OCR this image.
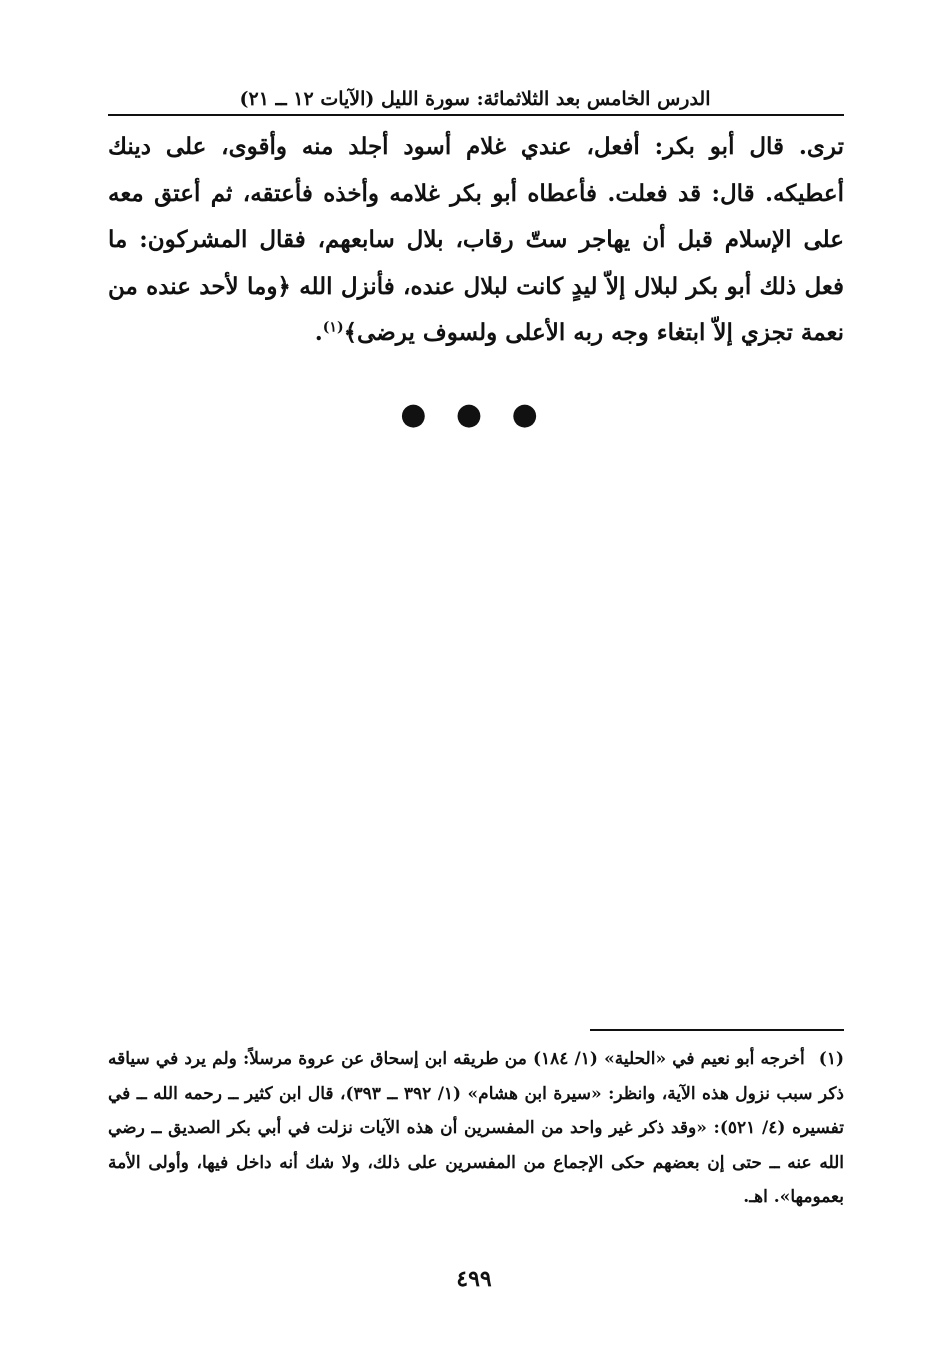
الدرس الخامس بعد الثلاثمائة: سورة الليل (الآيات ١٢ ــ ٢١)
ترى. قال أبو بكر: أفعل، عندي غلام أسود أجلد منه وأقوى، على دينك أعطيكه. قال: قد فعلت. فأعطاه أبو بكر غلامه وأخذه فأعتقه، ثم أعتق معه على الإسلام قبل أن يهاجر ستّ رقاب، بلال سابعهم، فقال المشركون: ما فعل ذلك أبو بكر لبلال إلاّ ليدٍ كانت لبلال عنده، فأنزل الله ﴿وما لأحد عنده من نعمة تجزي إلاّ ابتغاء وجه ربه الأعلى ولسوف يرضى﴾$^{(١)}$.
● ● ●
(١)أخرجه أبو نعيم في «الحلية» (١/ ١٨٤) من طريقه ابن إسحاق عن عروة مرسلاً: ولم يرد في سياقه ذكر سبب نزول هذه الآية، وانظر: «سيرة ابن هشام» (١/ ٣٩٢ ــ ٣٩٣)، قال ابن كثير ــ رحمه الله ــ في تفسيره (٤/ ٥٢١): «وقد ذكر غير واحد من المفسرين أن هذه الآيات نزلت في أبي بكر الصديق ــ رضي الله عنه ــ حتى إن بعضهم حكى الإجماع من المفسرين على ذلك، ولا شك أنه داخل فيها، وأولى الأمة بعمومها». اهـ.
٤٩٩
